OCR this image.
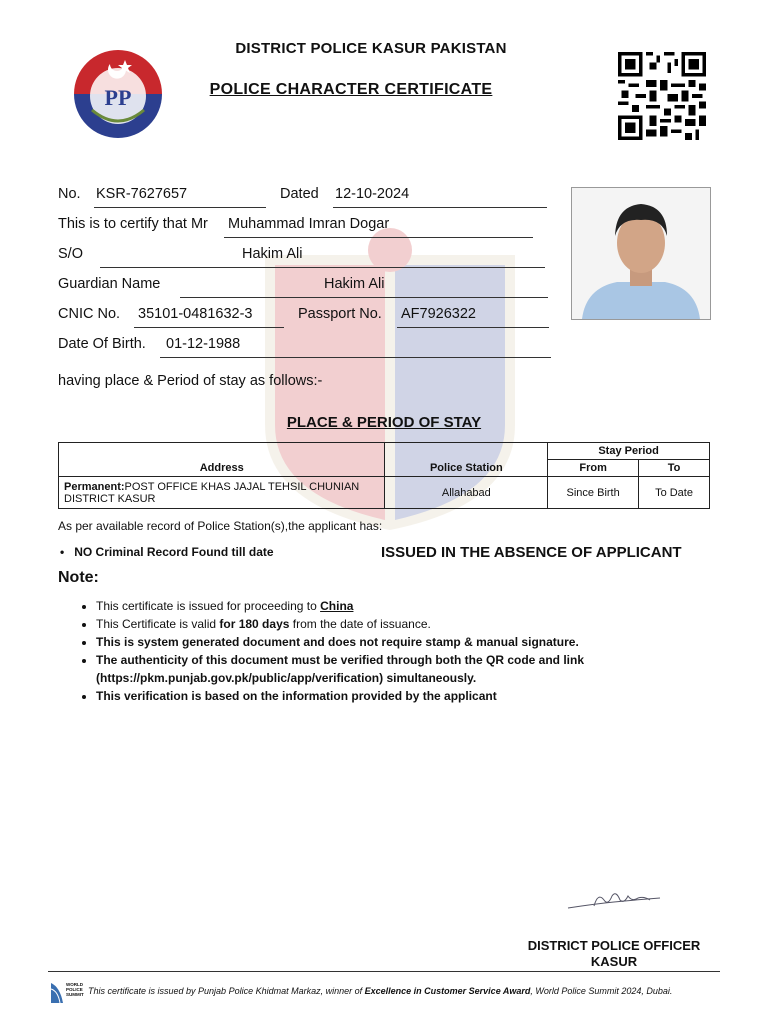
PP
DISTRICT POLICE KASUR PAKISTAN
POLICE CHARACTER CERTIFICATE
No. KSR-7627657	Dated 12-10-2024
This is to certify that Mr Muhammad Imran Dogar
S/O	Hakim Ali
Guardian Name	Hakim Ali
CNIC No. 35101-0481632-3	Passport No. AF7926322
Date Of Birth. 01-12-1988
having place & Period of stay as follows:-
PLACE & PERIOD OF STAY
Address	Police Station	Stay Period	
		From	To
Permanent:POST OFFICE KHAS JAJAL TEHSIL CHUNIAN DISTRICT KASUR	Allahabad	Since Birth	To Date
As per available record of Police Station(s),the applicant has:
• NO Criminal Record Found till date	ISSUED IN THE ABSENCE OF APPLICANT
Note:
• This certificate is issued for proceeding to China
• This Certificate is valid for 180 days from the date of issuance.
• This is system generated document and does not require stamp & manual signature.
• The authenticity of this document must be verified through both the QR code and link (https://pkm.punjab.gov.pk/public/app/verification) simultaneously.
• This verification is based on the information provided by the applicant
DISTRICT POLICE OFFICER
KASUR
WORLD POLICE SUMMIT This certificate is issued by Punjab Police Khidmat Markaz, winner of Excellence in Customer Service Award, World Police Summit 2024, Dubai.
